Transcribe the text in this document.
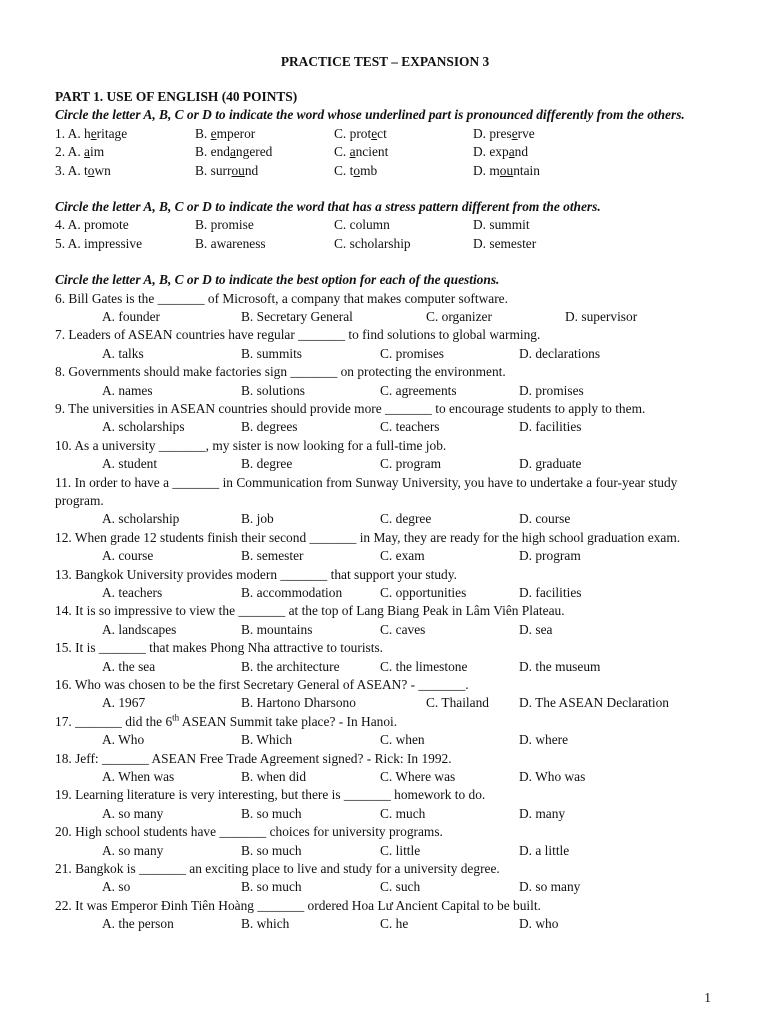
PRACTICE TEST – EXPANSION 3
PART 1. USE OF ENGLISH (40 POINTS)
Circle the letter A, B, C or D to indicate the word whose underlined part is pronounced differently from the others.
1. A. heritage	B. emperor	C. protect	D. preserve
2. A. aim	B. endangered	C. ancient	D. expand
3. A. town	B. surround	C. tomb	D. mountain
Circle the letter A, B, C or D to indicate the word that has a stress pattern different from the others.
4. A. promote	B. promise	C. column	D. summit
5. A. impressive	B. awareness	C. scholarship	D. semester
Circle the letter A, B, C or D to indicate the best option for each of the questions.
6. Bill Gates is the _______ of Microsoft, a company that makes computer software.
A. founder	B. Secretary General	C. organizer	D. supervisor
7. Leaders of ASEAN countries have regular _______ to find solutions to global warming.
A. talks	B. summits	C. promises	D. declarations
8. Governments should make factories sign _______ on protecting the environment.
A. names	B. solutions	C. agreements	D. promises
9. The universities in ASEAN countries should provide more _______ to encourage students to apply to them.
A. scholarships	B. degrees	C. teachers	D. facilities
10. As a university _______, my sister is now looking for a full-time job.
A. student	B. degree	C. program	D. graduate
11. In order to have a _______ in Communication from Sunway University, you have to undertake a four-year study program.
A. scholarship	B. job	C. degree	D. course
12. When grade 12 students finish their second _______ in May, they are ready for the high school graduation exam.
A. course	B. semester	C. exam	D. program
13. Bangkok University provides modern _______ that support your study.
A. teachers	B. accommodation	C. opportunities	D. facilities
14. It is so impressive to view the _______ at the top of Lang Biang Peak in Lâm Viên Plateau.
A. landscapes	B. mountains	C. caves	D. sea
15. It is _______ that makes Phong Nha attractive to tourists.
A. the sea	B. the architecture	C. the limestone	D. the museum
16. Who was chosen to be the first Secretary General of ASEAN? - _______.
A. 1967	B. Hartono Dharsono	C. Thailand D. The ASEAN Declaration
17. _______ did the 6th ASEAN Summit take place? - In Hanoi.
A. Who	B. Which	C. when	D. where
18. Jeff: _______ ASEAN Free Trade Agreement signed? - Rick: In 1992.
A. When was	B. when did	C. Where was	D. Who was
19. Learning literature is very interesting, but there is _______ homework to do.
A. so many	B. so much	C. much	D. many
20. High school students have _______ choices for university programs.
A. so many	B. so much	C. little	D. a little
21. Bangkok is _______ an exciting place to live and study for a university degree.
A. so	B. so much	C. such	D. so many
22. It was Emperor Đinh Tiên Hoàng _______ ordered Hoa Lư Ancient Capital to be built.
A. the person	B. which	C. he	D. who
1
